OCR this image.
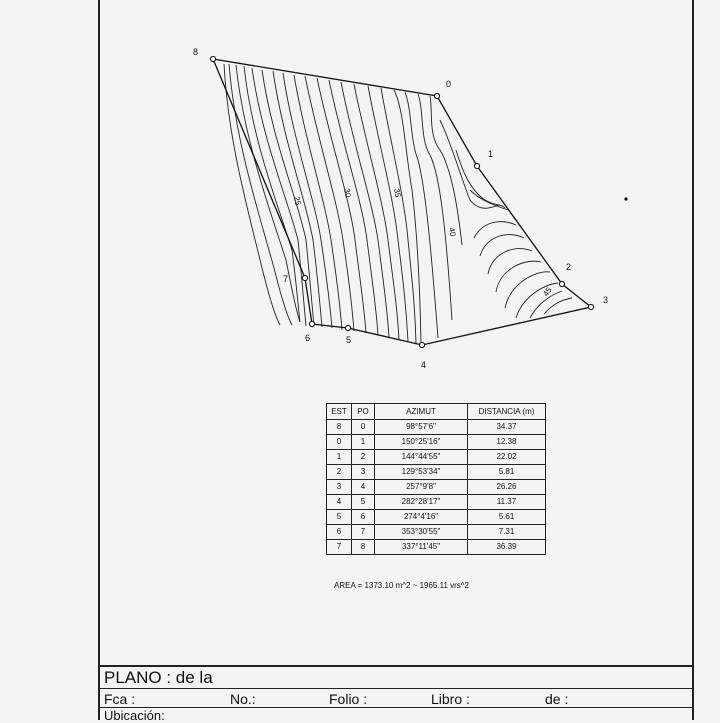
8
0
1
2
3
4
5
6
7
25
30	35
40
45
EST	PO	AZIMUT	DISTANCIA (m)
8	0	98°57'6"	34.37
0	1	150°25'16"	12.38
1	2	144°44'55"	22.02
2	3	129°53'34"	5.81
3	4	257°9'8"	26.26
4	5	282°28'17"	11.37
5	6	274°4'16"	5.61
6	7	353°30'55"	7.31
7	8	337°11'45"	36.39
AREA = 1373.10 m^2 ~ 1965.11 vrs^2
PLANO : de la
Fca :	No.:	Folio :	Libro :	de :
Ubicación:
